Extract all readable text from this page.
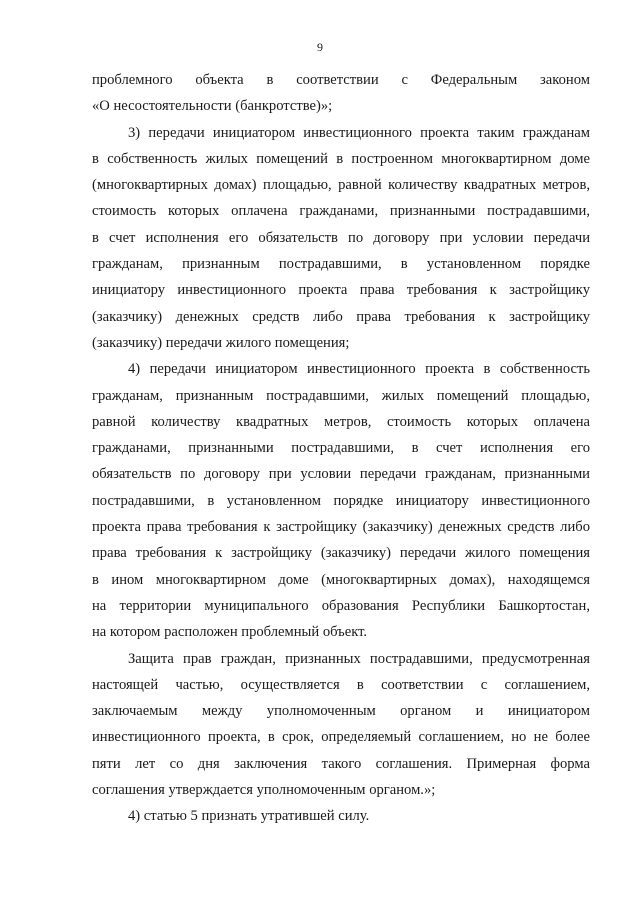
9
проблемного объекта в соответствии с Федеральным законом
«О несостоятельности (банкротстве)»;
3) передачи инициатором инвестиционного проекта таким гражданам
в собственность жилых помещений в построенном многоквартирном доме
(многоквартирных домах) площадью, равной количеству квадратных метров,
стоимость которых оплачена гражданами, признанными пострадавшими,
в счет исполнения его обязательств по договору при условии передачи
гражданам, признанным пострадавшими, в установленном порядке
инициатору инвестиционного проекта права требования к застройщику
(заказчику) денежных средств либо права требования к застройщику
(заказчику) передачи жилого помещения;
4) передачи инициатором инвестиционного проекта в собственность
гражданам, признанным пострадавшими, жилых помещений площадью,
равной количеству квадратных метров, стоимость которых оплачена
гражданами, признанными пострадавшими, в счет исполнения его
обязательств по договору при условии передачи гражданам, признанными
пострадавшими, в установленном порядке инициатору инвестиционного
проекта права требования к застройщику (заказчику) денежных средств либо
права требования к застройщику (заказчику) передачи жилого помещения
в ином многоквартирном доме (многоквартирных домах), находящемся
на территории муниципального образования Республики Башкортостан,
на котором расположен проблемный объект.
Защита прав граждан, признанных пострадавшими, предусмотренная
настоящей частью, осуществляется в соответствии с соглашением,
заключаемым между уполномоченным органом и инициатором
инвестиционного проекта, в срок, определяемый соглашением, но не более
пяти лет со дня заключения такого соглашения. Примерная форма
соглашения утверждается уполномоченным органом.»;
4) статью 5 признать утратившей силу.
